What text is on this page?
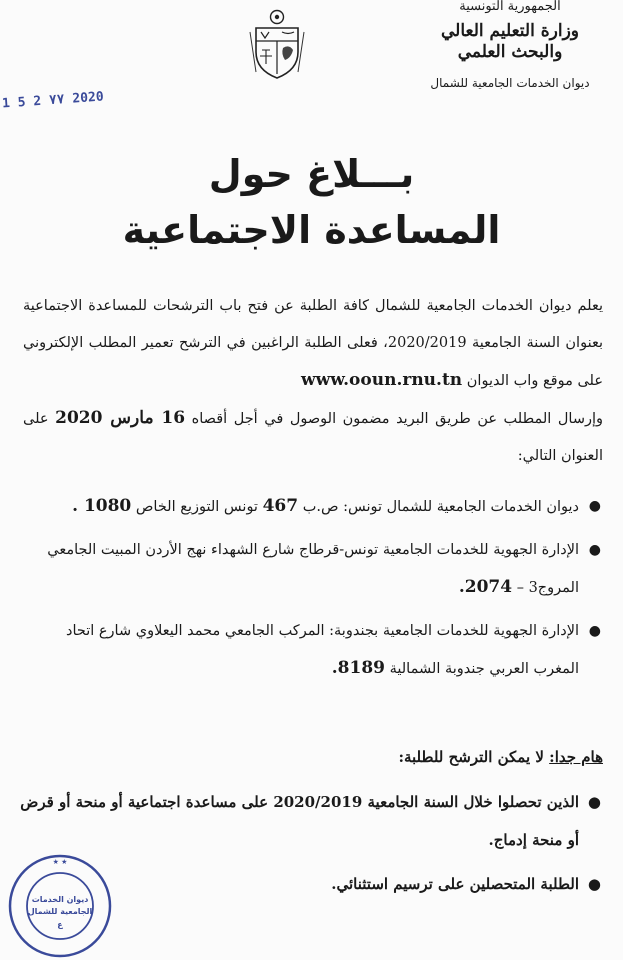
الجمهورية التونسية
وزارة التعليم العالي
والبحث العلمي
ديوان الخدمات الجامعية للشمال
2020 ٧٧ 2 5 1
بـــلاغ حول
المساعدة الاجتماعية

يعلم ديوان الخدمات الجامعية للشمال كافة الطلبة عن فتح باب الترشحات للمساعدة الاجتماعية بعنوان السنة الجامعية 2020/2019، فعلى الطلبة الراغبين في الترشح تعمير المطلب الإلكتروني على موقع واب الديوان www.ooun.rnu.tn

وإرسال المطلب عن طريق البريد مضمون الوصول في أجل أقصاه 16 مارس 2020 على العنوان التالي:

●
ديوان الخدمات الجامعية للشمال تونس: ص.ب 467 تونس التوزيع الخاص 1080 .
●
الإدارة الجهوية للخدمات الجامعية تونس-قرطاج شارع الشهداء نهج الأردن المبيت الجامعي المروج3 – 2074.
●
الإدارة الجهوية للخدمات الجامعية بجندوبة: المركب الجامعي محمد اليعلاوي شارع اتحاد المغرب العربي جندوبة الشمالية 8189.
هام جدا: لا يمكن الترشح للطلبة:
●
الذين تحصلوا خلال السنة الجامعية 2020/2019 على مساعدة اجتماعية أو منحة أو قرض أو منحة إدماج.
●
الطلبة المتحصلين على ترسيم استثنائي.
★ ★
ديوان الخدمات
الجامعية للشمال
ع
